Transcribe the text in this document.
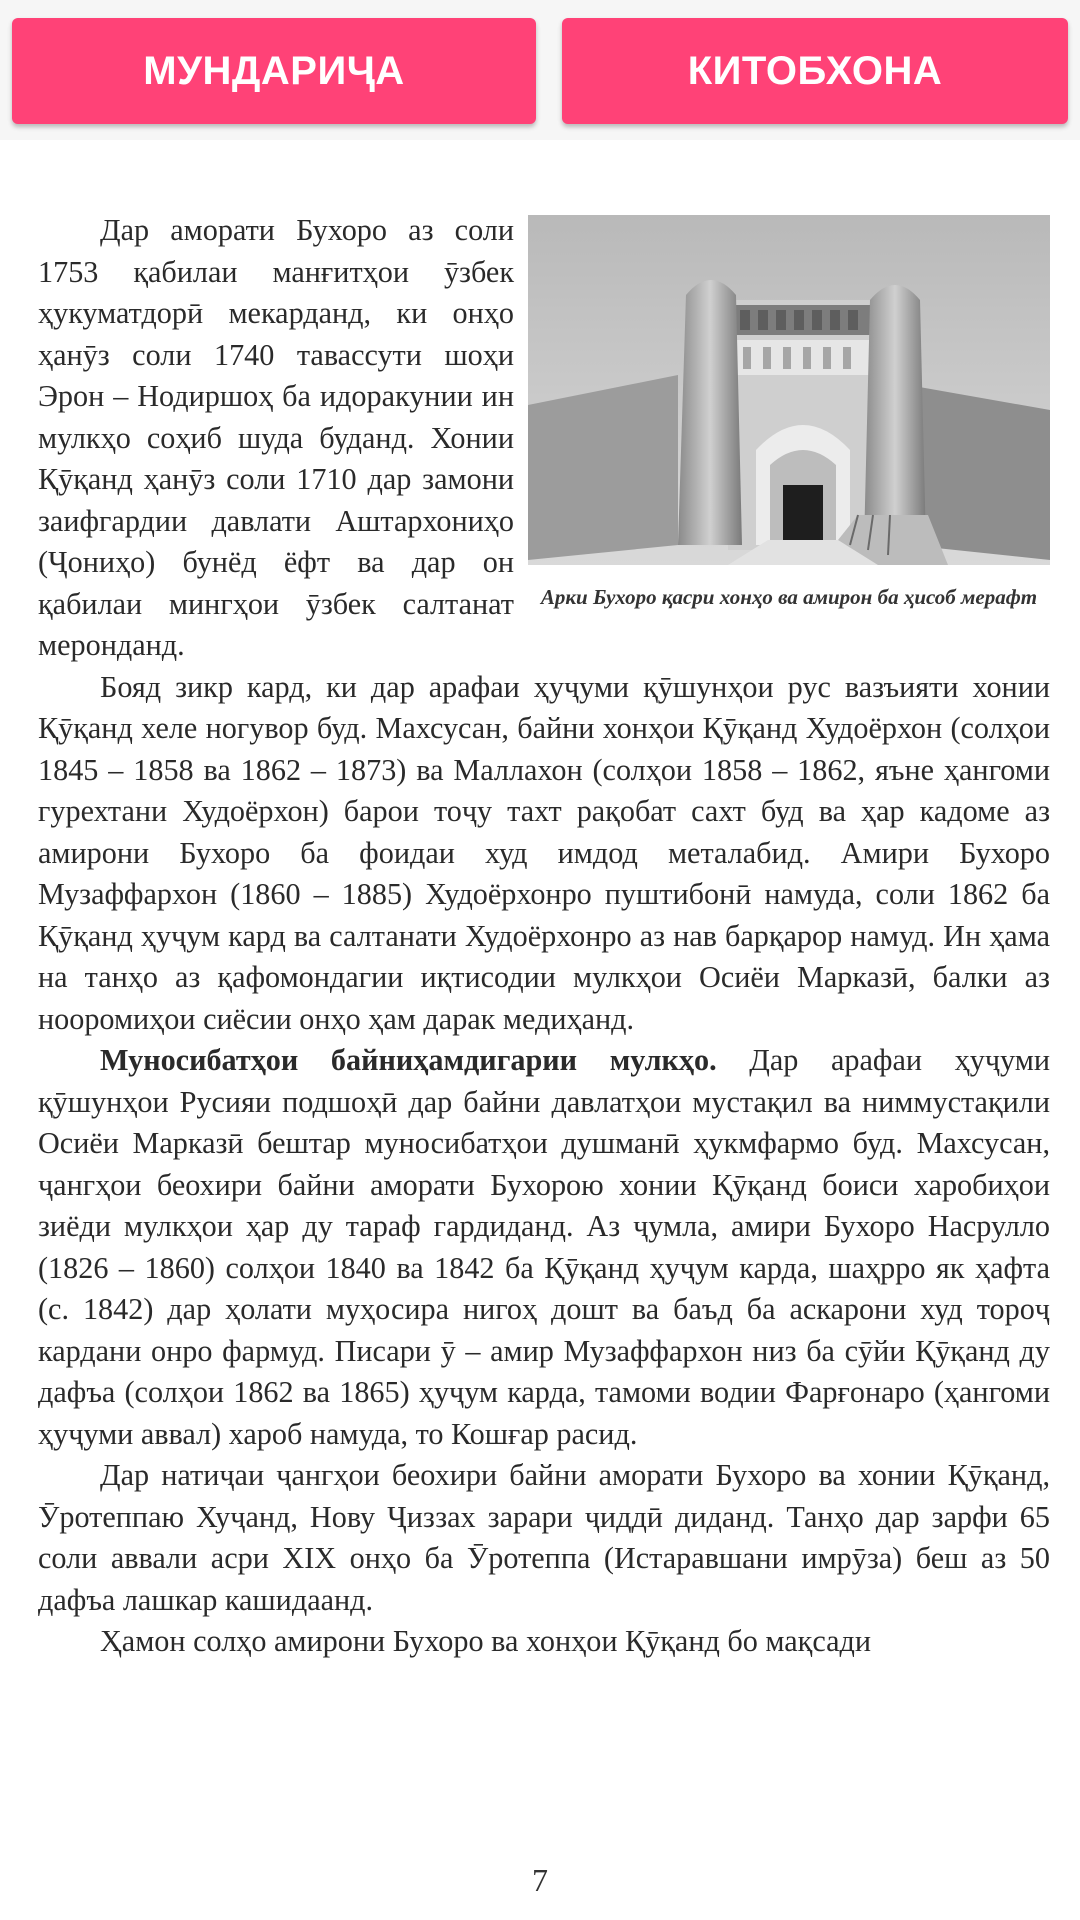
МУНДАРИҶА	КИТОБХОНА
Арки Бухоро қасри хонҳо ва амирон ба ҳисоб мерафт

Дар аморати Бухоро аз соли 1753 қабилаи манғитҳои ӯзбек ҳукуматдорӣ мекарданд, ки онҳо ҳанӯз соли 1740 тавассути шоҳи Эрон – Нодиршоҳ ба идоракунии ин мулкҳо соҳиб шуда буданд. Хонии Қӯқанд ҳанӯз соли 1710 дар замони заифгардии давлати Аштархониҳо (Ҷониҳо) бунёд ёфт ва дар он қабилаи мингҳои ӯзбек салтанат меронданд.

Бояд зикр кард, ки дар арафаи ҳуҷуми қӯшунҳои рус вазъияти хонии Қӯқанд хеле ногувор буд. Махсусан, байни хонҳои Қӯқанд Худоёрхон (солҳои 1845 – 1858 ва 1862 – 1873) ва Маллахон (солҳои 1858 – 1862, яъне ҳангоми гурехтани Худоёрхон) барои тоҷу тахт рақобат сахт буд ва ҳар кадоме аз амирони Бухоро ба фоидаи худ имдод металабид. Амири Бухоро Музаффархон (1860 – 1885) Худоёрхонро пуштибонӣ намуда, соли 1862 ба Қӯқанд ҳуҷум кард ва салтанати Худоёрхонро аз нав барқарор намуд. Ин ҳама на танҳо аз қафомондагии иқтисодии мулкҳои Осиёи Марказӣ, балки аз нооромиҳои сиёсии онҳо ҳам дарак медиҳанд.

Муносибатҳои байниҳамдигарии мулкҳо. Дар арафаи ҳуҷуми қӯшунҳои Русияи подшоҳӣ дар байни давлатҳои мустақил ва ниммустақили Осиёи Марказӣ бештар муносибатҳои душманӣ ҳукмфармо буд. Махсусан, ҷангҳои беохири байни аморати Бухорою хонии Қӯқанд боиси харобиҳои зиёди мулкҳои ҳар ду тараф гардиданд. Аз ҷумла, амири Бухоро Насрулло (1826 – 1860) солҳои 1840 ва 1842 ба Қӯқанд ҳуҷум карда, шаҳрро як ҳафта (с. 1842) дар ҳолати муҳосира нигоҳ дошт ва баъд ба аскарони худ тороҷ кардани онро фармуд. Писари ӯ – амир Музаффархон низ ба сӯйи Қӯқанд ду дафъа (солҳои 1862 ва 1865) ҳуҷум карда, тамоми водии Фарғонаро (ҳангоми ҳуҷуми аввал) хароб намуда, то Кошғар расид.

Дар натиҷаи ҷангҳои беохири байни аморати Бухоро ва хонии Қӯқанд, Ӯротеппаю Хуҷанд, Нову Ҷиззах зарари ҷиддӣ диданд. Танҳо дар зарфи 65 соли аввали асри XIX онҳо ба Ӯротеппа (Истаравшани имрӯза) беш аз 50 дафъа лашкар кашидаанд.

Ҳамон солҳо амирони Бухоро ва хонҳои Қӯқанд бо мақсади

7
